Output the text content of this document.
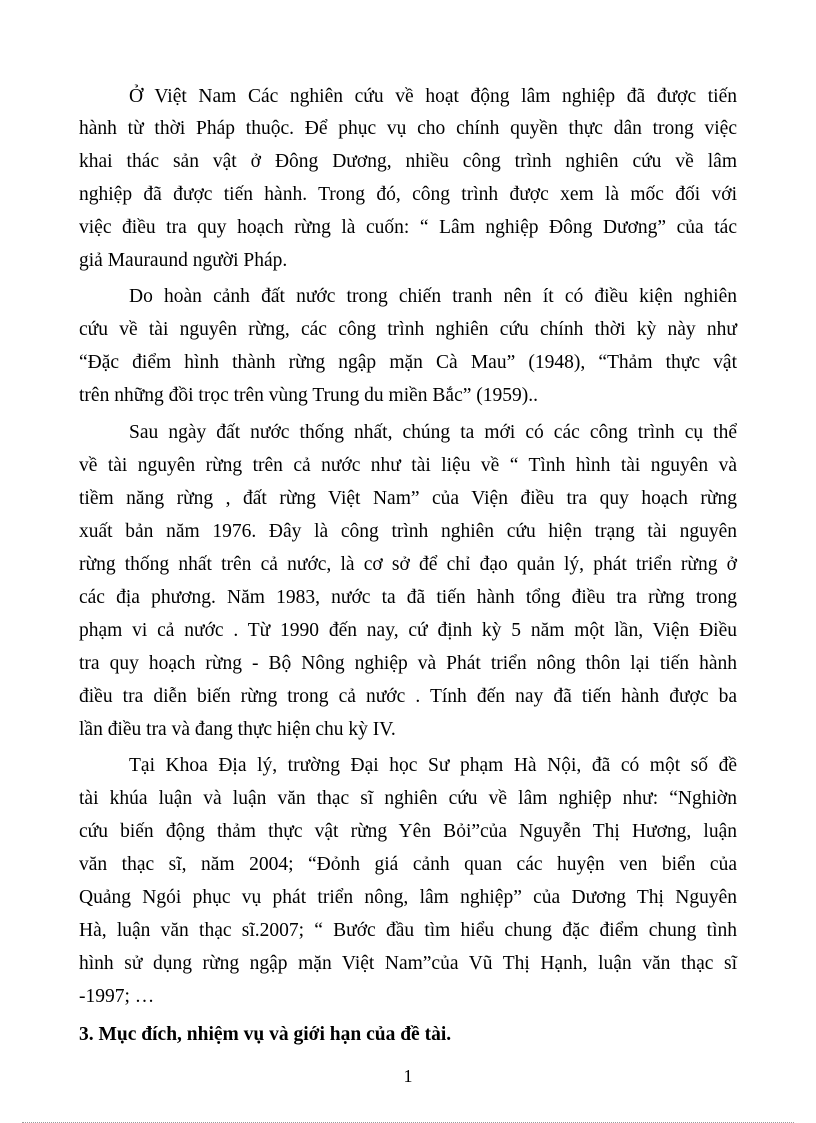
Ở Việt Nam Các nghiên cứu về hoạt động lâm nghiệp đã được tiến
hành từ thời Pháp thuộc. Để phục vụ cho chính quyền thực dân trong việc
khai thác sản vật ở Đông Dương, nhiều công trình nghiên cứu về lâm
nghiệp đã được tiến hành. Trong đó, công trình được xem là mốc đối với
việc điều tra quy hoạch rừng là cuốn: “ Lâm nghiệp Đông Dương” của tác
giả Mauraund người Pháp.
Do hoàn cảnh đất nước trong chiến tranh nên ít có điều kiện nghiên
cứu về tài nguyên rừng, các công trình nghiên cứu chính thời kỳ này như
“Đặc điểm hình thành rừng ngập mặn Cà Mau” (1948), “Thảm thực vật
trên những đồi trọc trên vùng Trung du miền Bắc” (1959)..
Sau ngày đất nước thống nhất, chúng ta mới có các công trình cụ thể
về tài nguyên rừng trên cả nước như tài liệu về “ Tình hình tài nguyên và
tiềm năng rừng , đất rừng Việt Nam” của Viện điều tra quy hoạch rừng
xuất bản năm 1976. Đây là công trình nghiên cứu hiện trạng tài nguyên
rừng thống nhất trên cả nước, là cơ sở để chỉ đạo quản lý, phát triển rừng ở
các địa phương. Năm 1983, nước ta đã tiến hành tổng điều tra rừng trong
phạm vi cả nước . Từ 1990 đến nay, cứ định kỳ 5 năm một lần, Viện Điều
tra quy hoạch rừng - Bộ Nông nghiệp và Phát triển nông thôn lại tiến hành
điều tra diễn biến rừng trong cả nước . Tính đến nay đã tiến hành được ba
lần điều tra và đang thực hiện chu kỳ IV.
Tại Khoa Địa lý, trường Đại học Sư phạm Hà Nội, đã có một số đề
tài khúa luận và luận văn thạc sĩ nghiên cứu về lâm nghiệp như: “Nghiờn
cứu biến động thảm thực vật rừng Yên Bỏi”của Nguyễn Thị Hương, luận
văn thạc sĩ, năm 2004; “Đỏnh giá cảnh quan các huyện ven biển của
Quảng Ngói phục vụ phát triển nông, lâm nghiệp” của Dương Thị Nguyên
Hà, luận văn thạc sĩ.2007; “ Bước đầu tìm hiểu chung đặc điểm chung tình
hình sử dụng rừng ngập mặn Việt Nam”của Vũ Thị Hạnh, luận văn thạc sĩ
-1997; …
3. Mục đích, nhiệm vụ và giới hạn của đề tài.
1
